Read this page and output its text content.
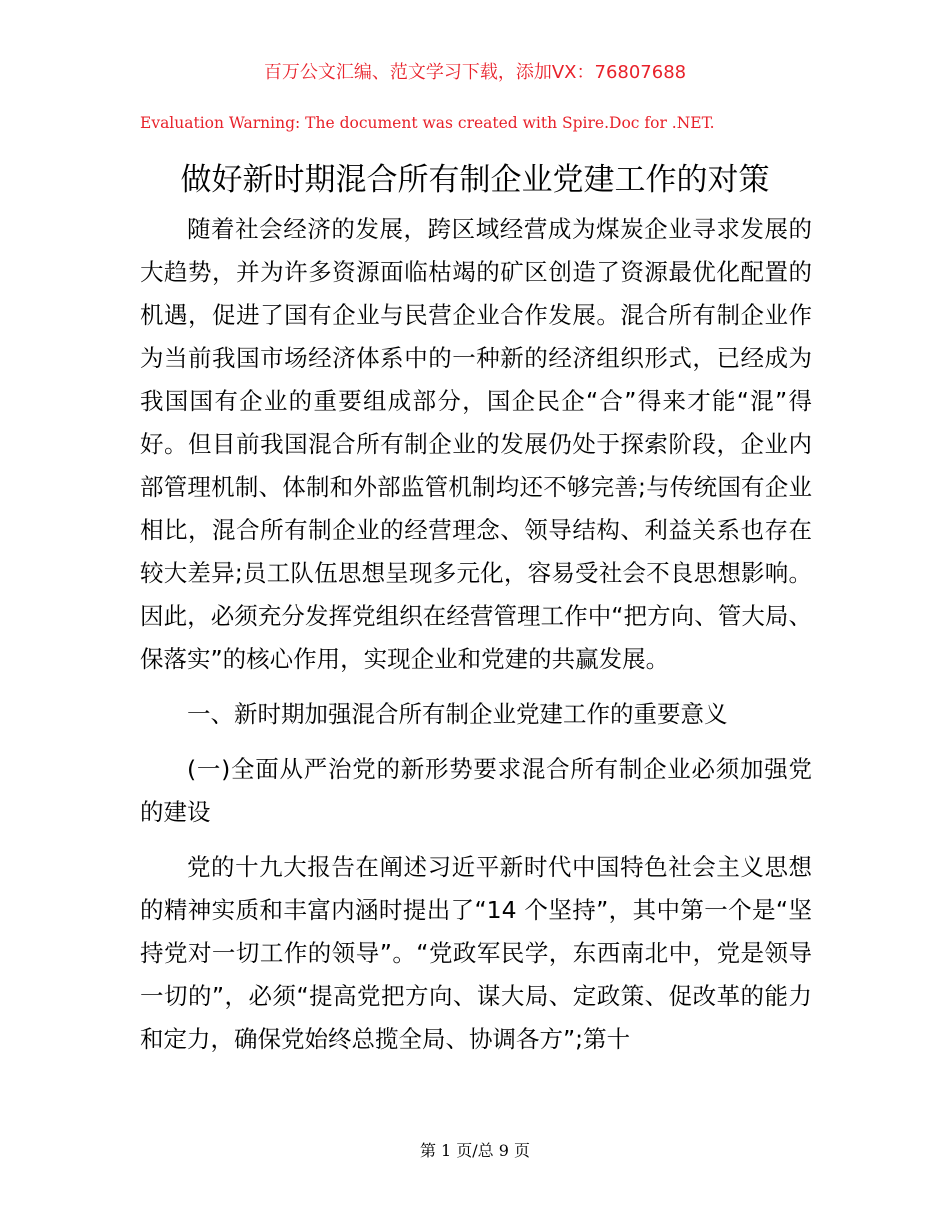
百万公文汇编、范文学习下载，添加VX：76807688
Evaluation Warning: The document was created with Spire.Doc for .NET.
做好新时期混合所有制企业党建工作的对策

随着社会经济的发展，跨区域经营成为煤炭企业寻求发展的大趋势，并为许多资源面临枯竭的矿区创造了资源最优化配置的机遇，促进了国有企业与民营企业合作发展。混合所有制企业作为当前我国市场经济体系中的一种新的经济组织形式，已经成为我国国有企业的重要组成部分，国企民企“合”得来才能“混”得好。但目前我国混合所有制企业的发展仍处于探索阶段，企业内部管理机制、体制和外部监管机制均还不够完善;与传统国有企业相比，混合所有制企业的经营理念、领导结构、利益关系也存在较大差异;员工队伍思想呈现多元化，容易受社会不良思想影响。因此，必须充分发挥党组织在经营管理工作中“把方向、管大局、保落实”的核心作用，实现企业和党建的共赢发展。

一、新时期加强混合所有制企业党建工作的重要意义

(一)全面从严治党的新形势要求混合所有制企业必须加强党的建设

党的十九大报告在阐述习近平新时代中国特色社会主义思想的精神实质和丰富内涵时提出了“14 个坚持”，其中第一个是“坚持党对一切工作的领导”。“党政军民学，东西南北中，党是领导一切的”，必须“提高党把方向、谋大局、定政策、促改革的能力和定力，确保党始终总揽全局、协调各方”;第十

第 1 页/总 9 页
